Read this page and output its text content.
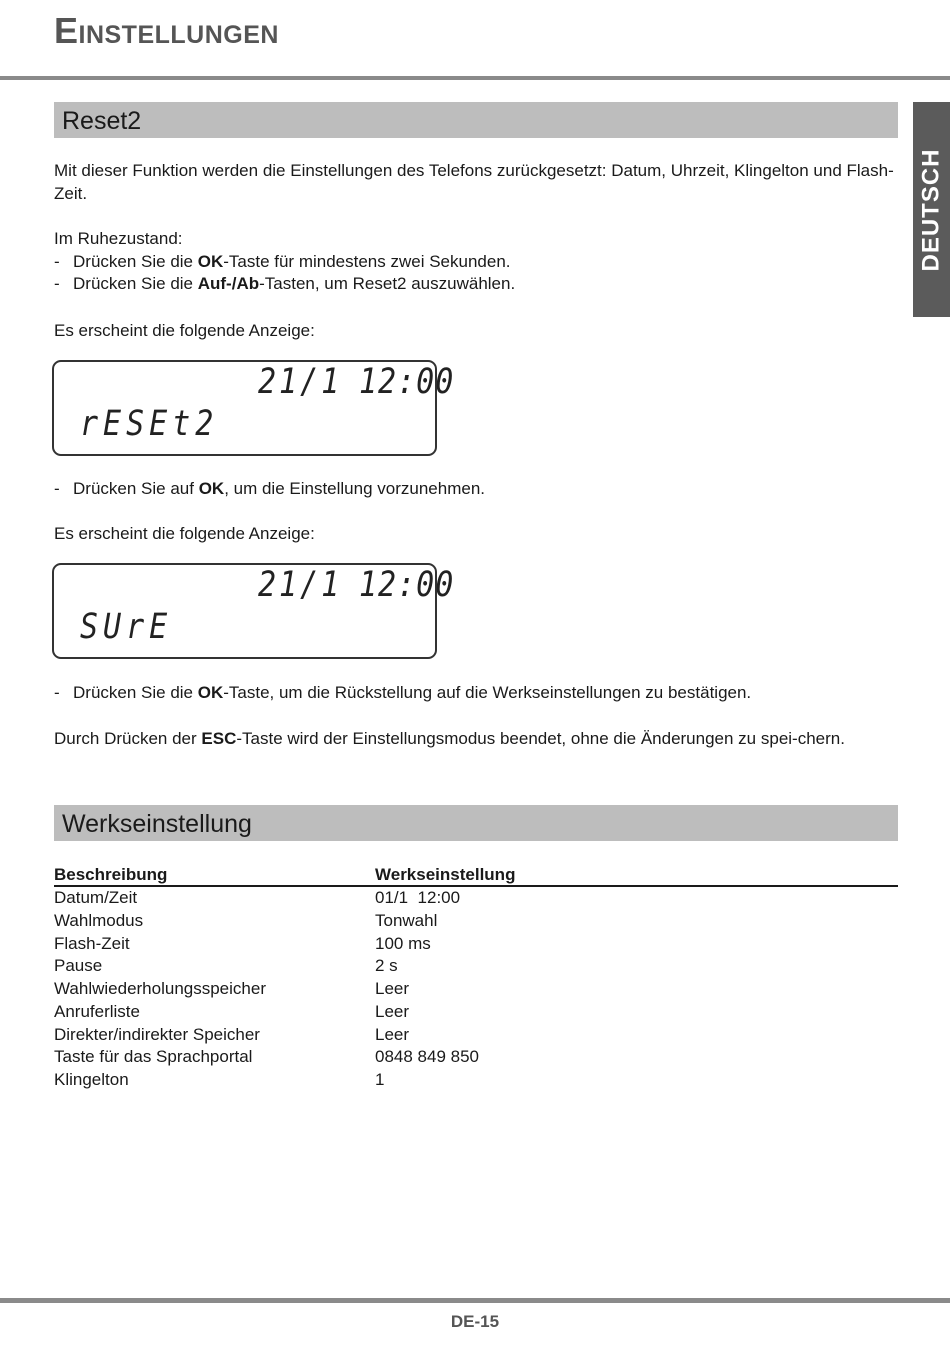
Einstellungen
DEUTSCH
Reset2

Mit dieser Funktion werden die Einstellungen des Telefons zurückgesetzt: Datum, Uhrzeit, Klingelton und Flash-Zeit.

Im Ruhezustand:

- Drücken Sie die OK-Taste für mindestens zwei Sekunden.
- Drücken Sie die Auf-/Ab-Tasten, um Reset2 auszuwählen.

Es erscheint die folgende Anzeige:

21/1 12:00
rESEt2
- Drücken Sie auf OK, um die Einstellung vorzunehmen.

Es erscheint die folgende Anzeige:

21/1 12:00
SUrE
- Drücken Sie die OK-Taste, um die Rückstellung auf die Werkseinstellungen zu bestätigen.

Durch Drücken der ESC-Taste wird der Einstellungsmodus beendet, ohne die Änderungen zu spei-chern.

Werkseinstellung
Beschreibung	Werkseinstellung
Datum/Zeit	01/1  12:00
Wahlmodus	Tonwahl
Flash-Zeit	100 ms
Pause	2 s
Wahlwiederholungsspeicher	Leer
Anruferliste	Leer
Direkter/indirekter Speicher	Leer
Taste für das Sprachportal	0848 849 850
Klingelton	1
DE-15
